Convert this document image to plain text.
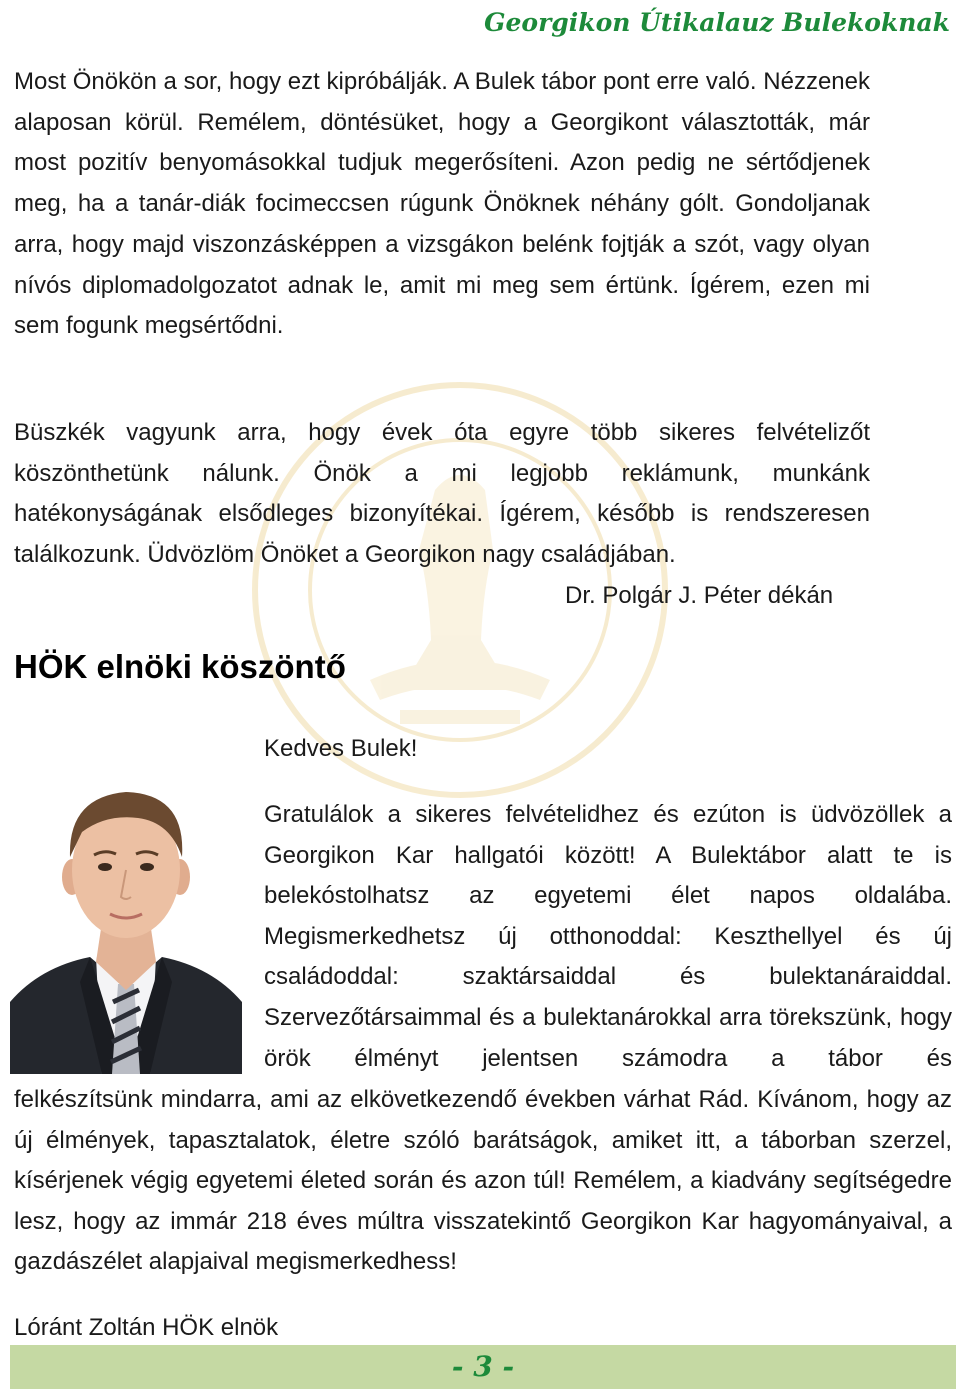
Georgikon Útikalauz Bulekoknak

Most Önökön a sor, hogy ezt kipróbálják. A Bulek tábor pont erre való. Nézzenek alaposan körül. Remélem, döntésüket, hogy a Georgikont választották, már most pozitív benyomásokkal tudjuk megerősíteni. Azon pedig ne sértődjenek meg, ha a tanár-diák focimeccsen rúgunk Önöknek néhány gólt. Gondoljanak arra, hogy majd viszonzásképpen a vizsgákon belénk fojtják a szót, vagy olyan nívós diplomadolgozatot adnak le, amit mi meg sem értünk. Ígérem, ezen mi sem fogunk megsértődni.

Büszkék vagyunk arra, hogy évek óta egyre több sikeres felvételizőt köszönthetünk nálunk. Önök a mi legjobb reklámunk, munkánk hatékonyságának elsődleges bizonyítékai. Ígérem, később is rendszeresen találkozunk. Üdvözlöm Önöket a Georgikon nagy családjában.

Dr. Polgár J. Péter dékán
HÖK elnöki köszöntő
Kedves Bulek!

Gratulálok a sikeres felvételidhez és ezúton is üdvözöllek a Georgikon Kar hallgatói között! A Bulektábor alatt te is belekóstolhatsz az egyetemi élet napos oldalába. Megismerkedhetsz új otthonoddal: Keszthellyel és új családoddal: szaktársaiddal és bulektanáraiddal. Szervezőtársaimmal és a bulektanárokkal arra törekszünk, hogy örök élményt jelentsen számodra a tábor és

felkészítsünk mindarra, ami az elkövetkezendő években várhat Rád. Kívánom, hogy az új élmények, tapasztalatok, életre szóló barátságok, amiket itt, a táborban szerzel, kísérjenek végig egyetemi életed során és azon túl! Remélem, a kiadvány segítségedre lesz, hogy az immár 218 éves múltra visszatekintő Georgikon Kar hagyományaival, a gazdászélet alapjaival megismerkedhess!

Lóránt Zoltán HÖK elnök
- 3 -
